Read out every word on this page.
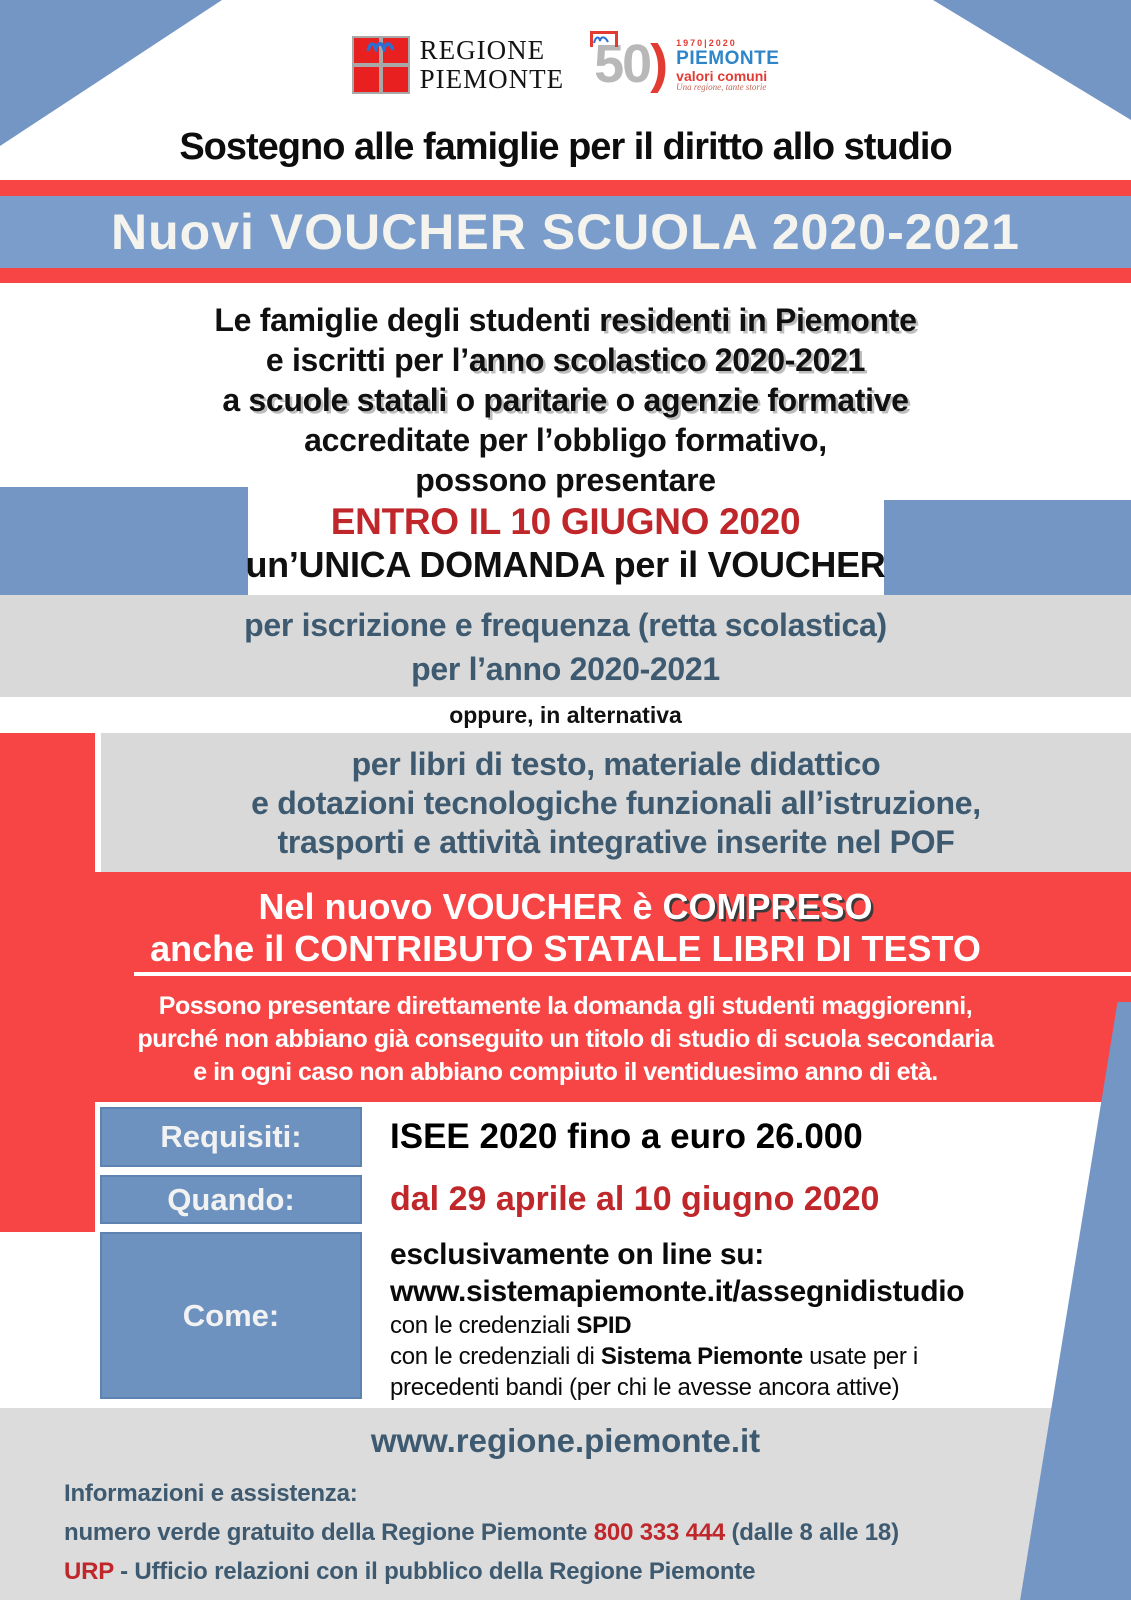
REGIONE
PIEMONTE 50 ) 1970|2020
PIEMONTE
valori comuni
Una regione, tante storie
Sostegno alle famiglie per il diritto allo studio
Nuovi VOUCHER SCUOLA 2020-2021
Le famiglie degli studenti residenti in Piemonte
e iscritti per l’anno scolastico 2020-2021
a scuole statali o paritarie o agenzie formative
accreditate per l’obbligo formativo,
possono presentare
ENTRO IL 10 GIUGNO 2020
un’UNICA DOMANDA per il VOUCHER
per iscrizione e frequenza (retta scolastica)
per l’anno 2020-2021
oppure, in alternativa
per libri di testo, materiale didattico
e dotazioni tecnologiche funzionali all’istruzione,
trasporti e attività integrative inserite nel POF
Nel nuovo VOUCHER è COMPRESO
anche il CONTRIBUTO STATALE LIBRI DI TESTO
Possono presentare direttamente la domanda gli studenti maggiorenni,
purché non abbiano già conseguito un titolo di studio di scuola secondaria
e in ogni caso non abbiano compiuto il ventiduesimo anno di età.
Requisiti:	ISEE 2020 fino a euro 26.000
Quando:	dal 29 aprile al 10 giugno 2020
Come:
esclusivamente on line su:
www.sistemapiemonte.it/assegnidistudio
con le credenziali SPID
con le credenziali di Sistema Piemonte usate per i
precedenti bandi (per chi le avesse ancora attive)
www.regione.piemonte.it
Informazioni e assistenza:
numero verde gratuito della Regione Piemonte 800 333 444 (dalle 8 alle 18)
URP - Ufficio relazioni con il pubblico della Regione Piemonte
